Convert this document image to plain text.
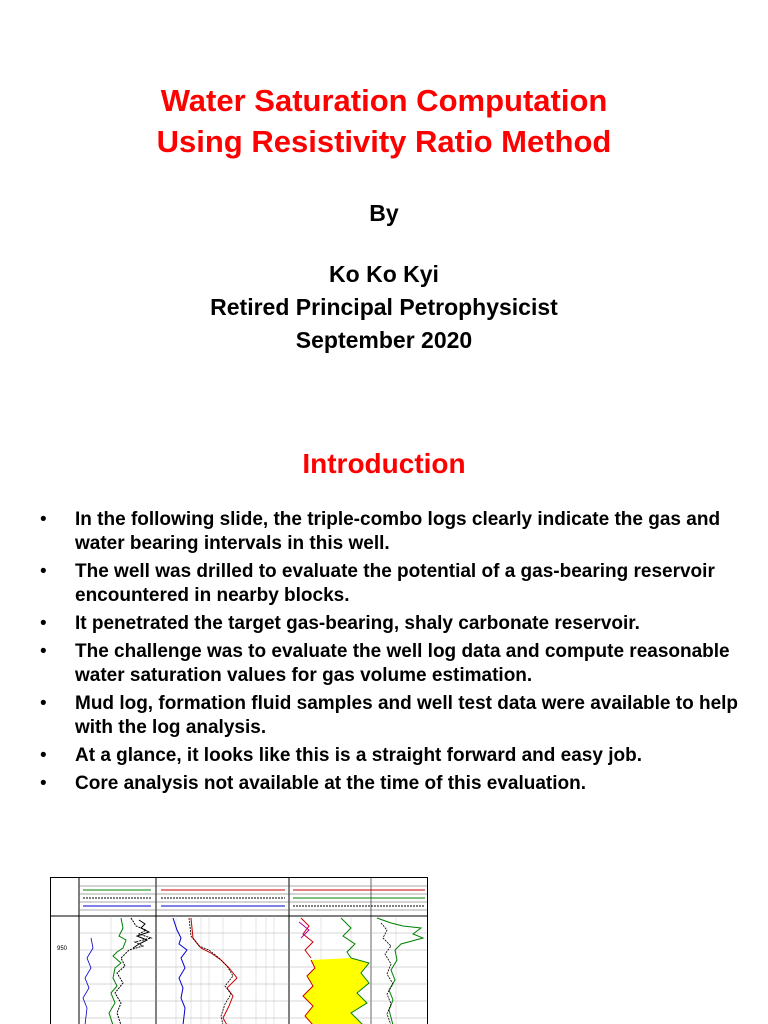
Water Saturation Computation
Using Resistivity Ratio Method
By
Ko Ko Kyi
Retired Principal Petrophysicist
September 2020
Introduction
• In the following slide, the triple-combo logs clearly indicate the gas and water bearing intervals in this well.
• The well was drilled to evaluate the potential of a gas-bearing reservoir encountered in nearby blocks.
• It penetrated the target gas-bearing, shaly carbonate reservoir.
• The challenge was to evaluate the well log data and compute reasonable water saturation values for gas volume estimation.
• Mud log, formation fluid samples and well test data were available to help with the log analysis.
• At a glance, it looks like this is a straight forward and easy job.
• Core analysis not available at the time of this evaluation.
950
